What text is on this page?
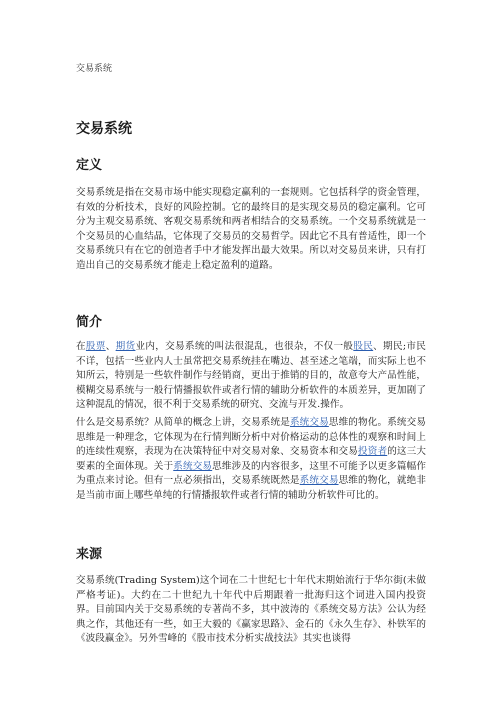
交易系统
交易系统
定义

交易系统是指在交易市场中能实现稳定赢利的一套规则。它包括科学的资金管理，有效的分析技术，良好的风险控制。它的最终目的是实现交易员的稳定赢利。它可分为主观交易系统、客观交易系统和两者相结合的交易系统。一个交易系统就是一个交易员的心血结晶，它体现了交易员的交易哲学。因此它不具有普适性，即一个交易系统只有在它的创造者手中才能发挥出最大效果。所以对交易员来讲，只有打造出自己的交易系统才能走上稳定盈利的道路。

简介

在股票、期货业内，交易系统的叫法很混乱，也很杂，不仅一般股民、期民;市民不详，包括一些业内人士虽常把交易系统挂在嘴边、甚至述之笔端，而实际上也不知所云，特别是一些软件制作与经销商，更出于推销的目的，故意夸大产品性能，模糊交易系统与一般行情播报软件或者行情的辅助分析软件的本质差异，更加剧了这种混乱的情况，很不利于交易系统的研究、交流与开发.操作。

什么是交易系统？从简单的概念上讲，交易系统是系统交易思维的物化。系统交易思维是一种理念，它体现为在行情判断分析中对价格运动的总体性的观察和时间上的连续性观察，表现为在决策特征中对交易对象、交易资本和交易投资者的这三大要素的全面体现。关于系统交易思维涉及的内容很多，这里不可能予以更多篇幅作为重点来讨论。但有一点必须指出，交易系统既然是系统交易思维的物化，就绝非是当前市面上哪些单纯的行情播报软件或者行情的辅助分析软件可比的。

来源

交易系统(Trading System)这个词在二十世纪七十年代末期始流行于华尔街(未做严格考证)。大约在二十世纪九十年代中后期跟着一批海归这个词进入国内投资界。目前国内关于交易系统的专著尚不多，其中波涛的《系统交易方法》公认为经典之作，其他还有一些，如王大毅的《赢家思路》、金石的《永久生存》、朴铁军的《波段赢金》。另外雪峰的《股市技术分析实战技法》其实也谈得
